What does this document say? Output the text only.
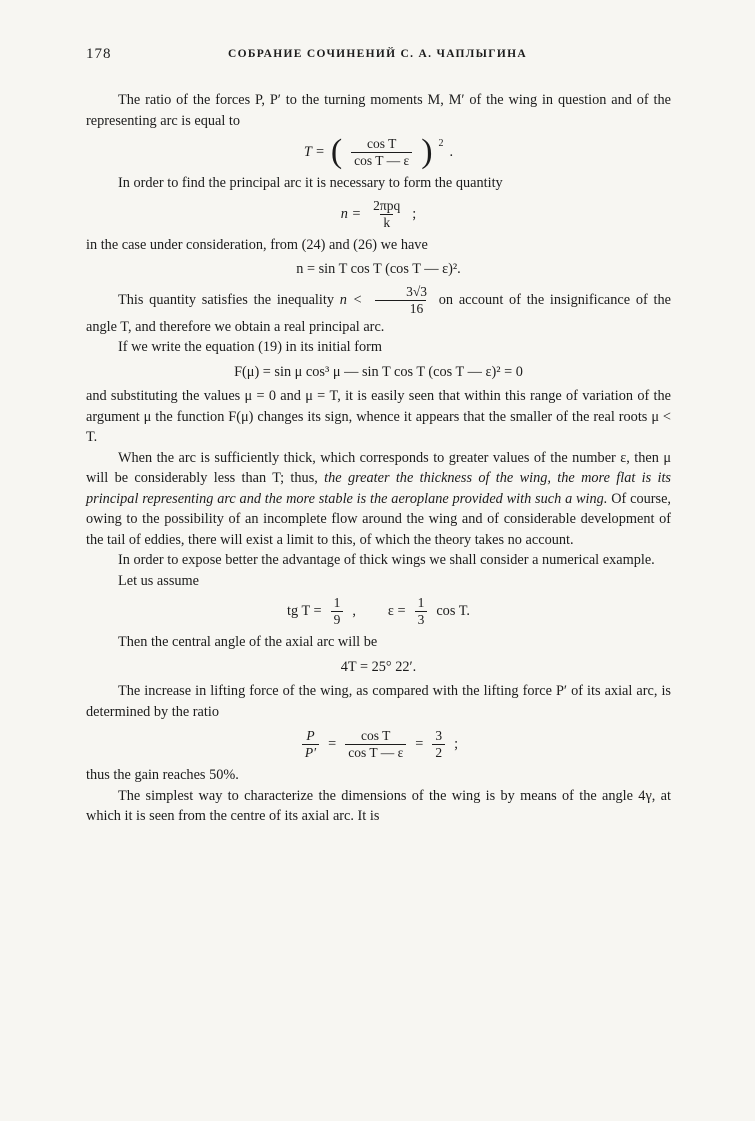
178	СОБРАНИЕ СОЧИНЕНИЙ С. А. ЧАПЛЫГИНА

The ratio of the forces P, P′ to the turning moments M, M′ of the wing in question and of the representing arc is equal to

T = ( $\frac{\text{cos T}}{\text{cos T — ε}}$ ) 2
.

In order to find the principal arc it is necessary to form the quantity

$n = \frac{\text{2πpq}}{k}$ ;

in the case under consideration, from (24) and (26) we have

n = sin T cos T (cos T — ε)².

This quantity satisfies the inequality $n < \frac{3√3}{16}$ on account of the insignificance of the angle T, and therefore we obtain a real principal arc.

If we write the equation (19) in its initial form

F(μ) = sin μ cos³ μ — sin T cos T (cos T — ε)² = 0

and substituting the values μ = 0 and μ = T, it is easily seen that within this range of variation of the argument μ the function F(μ) changes its sign, whence it appears that the smaller of the real roots μ < T.

When the arc is sufficiently thick, which corresponds to greater values of the number ε, then μ will be considerably less than T; thus, the greater the thickness of the wing, the more flat is its principal representing arc and the more stable is the aeroplane provided with such a wing. Of course, owing to the possibility of an incomplete flow around the wing and of considerable development of the tail of eddies, there will exist a limit to this, of which the theory takes no account.

In order to expose better the advantage of thick wings we shall consider a numerical example.

Let us assume

tg $T = \frac{1}{9}$ , $\varepsilon = \frac{1}{3}$ cos T.

Then the central angle of the axial arc will be

4T = 25° 22′.

The increase in lifting force of the wing, as compared with the lifting force P′ of its axial arc, is determined by the ratio

$\frac{P}{P'} = \frac{\text{cos T}}{\text{cos T — ε}} = \frac{3}{2}$ ;

thus the gain reaches 50%.

The simplest way to characterize the dimensions of the wing is by means of the angle 4γ, at which it is seen from the centre of its axial arc. It is
